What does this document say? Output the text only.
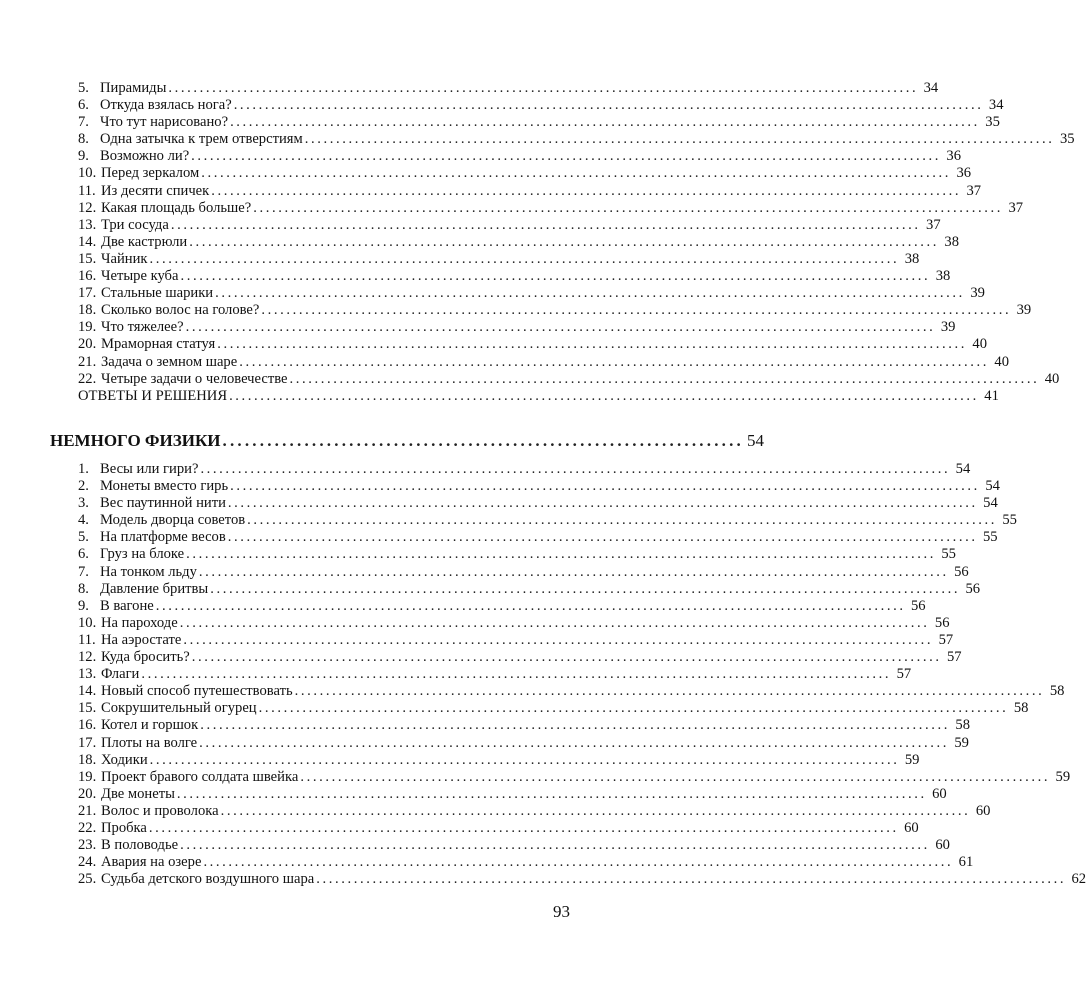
5. Пирамиды ........................................................................................................................ 34
6. Откуда взялась нога? ........................................................................................................................ 34
7. Что тут нарисовано? ........................................................................................................................ 35
8. Одна затычка к трем отверстиям ........................................................................................................................ 35
9. Возможно ли? ........................................................................................................................ 36
10. Перед зеркалом ........................................................................................................................ 36
11. Из десяти спичек ........................................................................................................................ 37
12. Какая площадь больше? ........................................................................................................................ 37
13. Три сосуда ........................................................................................................................ 37
14. Две кастрюли ........................................................................................................................ 38
15. Чайник ........................................................................................................................ 38
16. Четыре куба ........................................................................................................................ 38
17. Стальные шарики ........................................................................................................................ 39
18. Сколько волос на голове? ........................................................................................................................ 39
19. Что тяжелее? ........................................................................................................................ 39
20. Мраморная статуя ........................................................................................................................ 40
21. Задача о земном шаре ........................................................................................................................ 40
22. Четыре задачи о человечестве ........................................................................................................................ 40
ОТВЕТЫ И РЕШЕНИЯ ........................................................................................................................ 41
НЕМНОГО ФИЗИКИ ...................................................................... 54
1. Весы или гири? ........................................................................................................................ 54
2. Монеты вместо гирь ........................................................................................................................ 54
3. Вес паутинной нити ........................................................................................................................ 54
4. Модель дворца советов ........................................................................................................................ 55
5. На платформе весов ........................................................................................................................ 55
6. Груз на блоке ........................................................................................................................ 55
7. На тонком льду ........................................................................................................................ 56
8. Давление бритвы ........................................................................................................................ 56
9. В вагоне ........................................................................................................................ 56
10. На пароходе ........................................................................................................................ 56
11. На аэростате ........................................................................................................................ 57
12. Куда бросить? ........................................................................................................................ 57
13. Флаги ........................................................................................................................ 57
14. Новый способ путешествовать ........................................................................................................................ 58
15. Сокрушительный огурец ........................................................................................................................ 58
16. Котел и горшок ........................................................................................................................ 58
17. Плоты на волге ........................................................................................................................ 59
18. Ходики ........................................................................................................................ 59
19. Проект бравого солдата швейка ........................................................................................................................ 59
20. Две монеты ........................................................................................................................ 60
21. Волос и проволока ........................................................................................................................ 60
22. Пробка ........................................................................................................................ 60
23. В половодье ........................................................................................................................ 60
24. Авария на озере ........................................................................................................................ 61
25. Судьба детского воздушного шара ........................................................................................................................ 62
93
